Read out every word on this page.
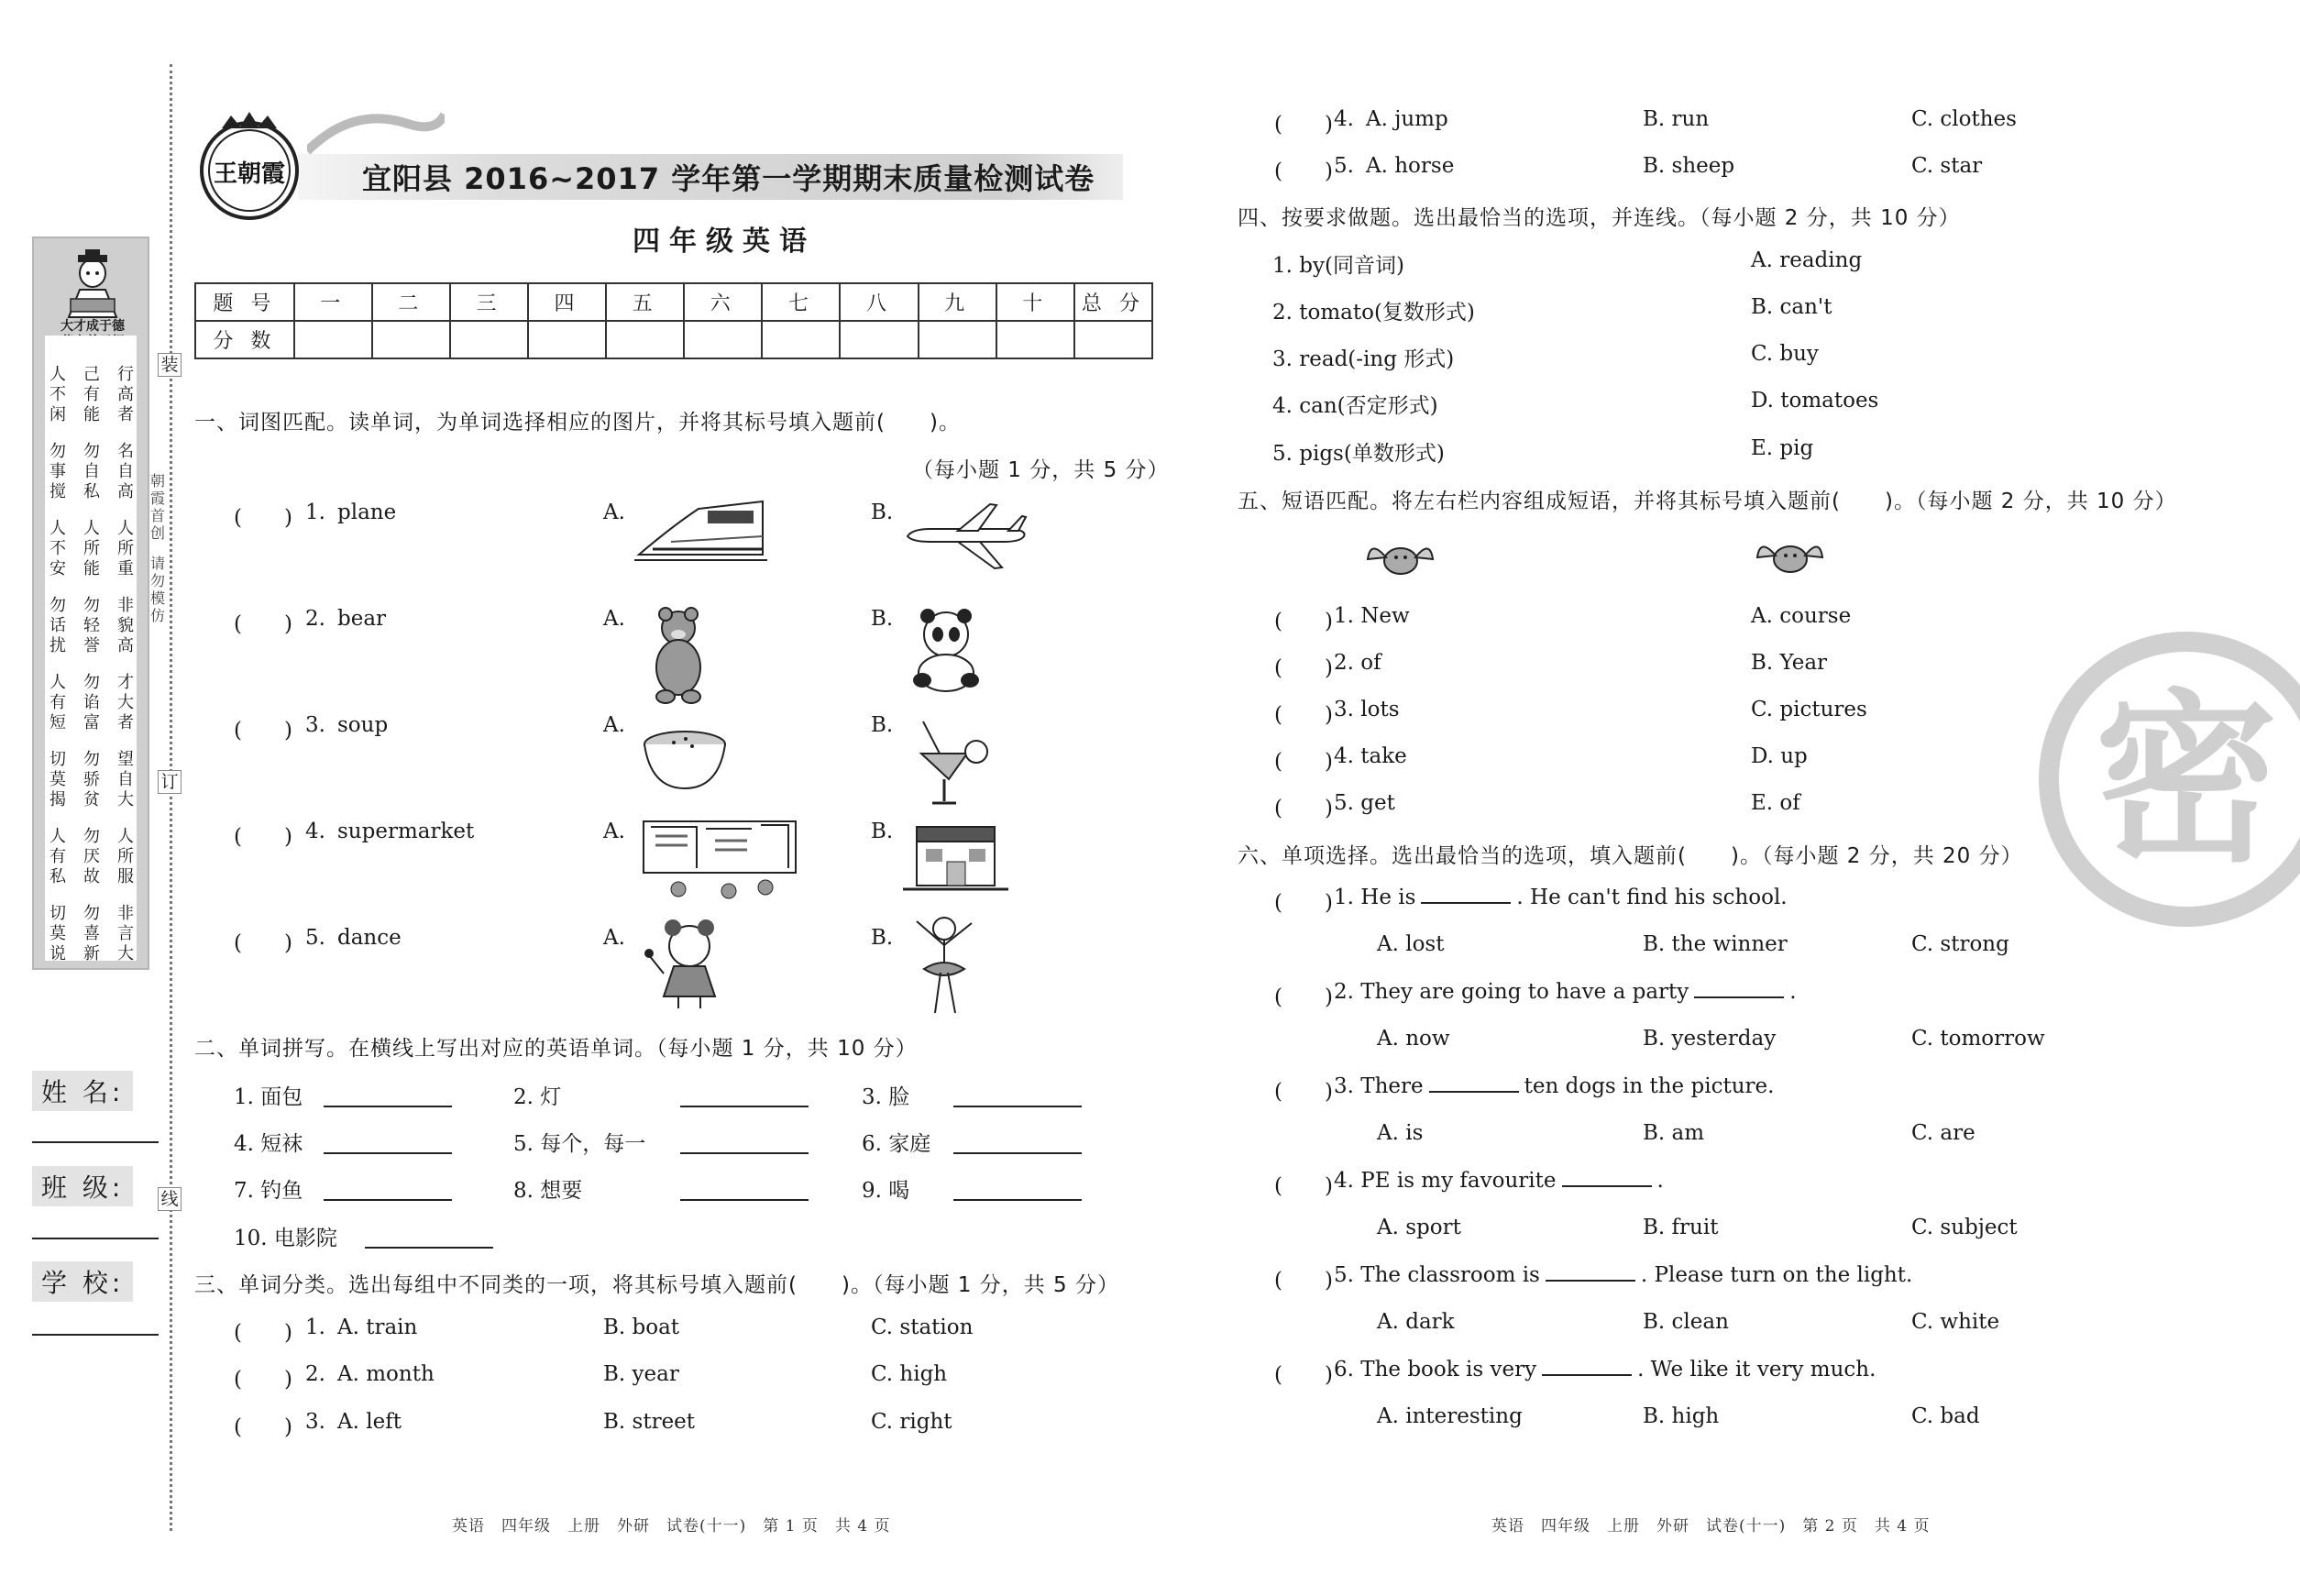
装
订
线
朝
霞
首
创
请
勿
模
仿
大才成于德
人
不
闲
己
有
能
行
高
者
勿
事
搅
勿
自
私
名
自
高
人
不
安
人
所
能
人
所
重
勿
话
扰
勿
轻
誉
非
貌
高
人
有
短
勿
谄
富
才
大
者
切
莫
揭
勿
骄
贫
望
自
大
人
有
私
勿
厌
故
人
所
服
切
莫
说
勿
喜
新
非
言
大
姓 名:
班 级:
学 校:
王朝霞	宜阳县 2016~2017 学年第一学期期末质量检测试卷
四年级英语
题 号	一	二	三	四	五	六	七	八	九	十	总 分
分 数											
一、词图匹配。读单词，为单词选择相应的图片，并将其标号填入题前(　　)。
（每小题 1 分，共 5 分）
(　　) 1. plane	A.	B.
(　　) 2. bear	A.	B.
(　　) 3. soup	A.	B.
(　　) 4. supermarket	A.	B.
(　　) 5. dance	A.	B.
二、单词拼写。在横线上写出对应的英语单词。（每小题 1 分，共 10 分）
1. 面包	2. 灯	3. 脸
4. 短袜	5. 每个，每一	6. 家庭
7. 钓鱼	8. 想要	9. 喝
10. 电影院
三、单词分类。选出每组中不同类的一项，将其标号填入题前(　　)。（每小题 1 分，共 5 分）
(　　) 1. A. train	B. boat	C. station
(　　) 2. A. month	B. year	C. high
(　　) 3. A. left	B. street	C. right
(　　) 4. A. jump	B. run	C. clothes
(　　) 5. A. horse	B. sheep	C. star
四、按要求做题。选出最恰当的选项，并连线。（每小题 2 分，共 10 分）
1. by(同音词)	A. reading
2. tomato(复数形式)	B. can't
3. read(-ing 形式)	C. buy
4. can(否定形式)	D. tomatoes
5. pigs(单数形式)	E. pig
五、短语匹配。将左右栏内容组成短语，并将其标号填入题前(　　)。（每小题 2 分，共 10 分）
(　　) 1. New	A. course
(　　) 2. of	B. Year
(　　) 3. lots	C. pictures
(　　) 4. take	D. up
(　　) 5. get	E. of
六、单项选择。选出最恰当的选项，填入题前(　　)。（每小题 2 分，共 20 分）
(　　) 1. He is	. He can't find his school.
A. lost	B. the winner	C. strong
(　　) 2. They are going to have a party	.
A. now	B. yesterday	C. tomorrow
(　　) 3. There	ten dogs in the picture.
A. is	B. am	C. are
(　　) 4. PE is my favourite	.
A. sport	B. fruit	C. subject
(　　) 5. The classroom is	. Please turn on the light.
A. dark	B. clean	C. white
(　　) 6. The book is very	. We like it very much.
A. interesting	B. high	C. bad
密
英语　四年级　上册　外研　试卷(十一)　第 1 页　共 4 页	英语　四年级　上册　外研　试卷(十一)　第 2 页　共 4 页
